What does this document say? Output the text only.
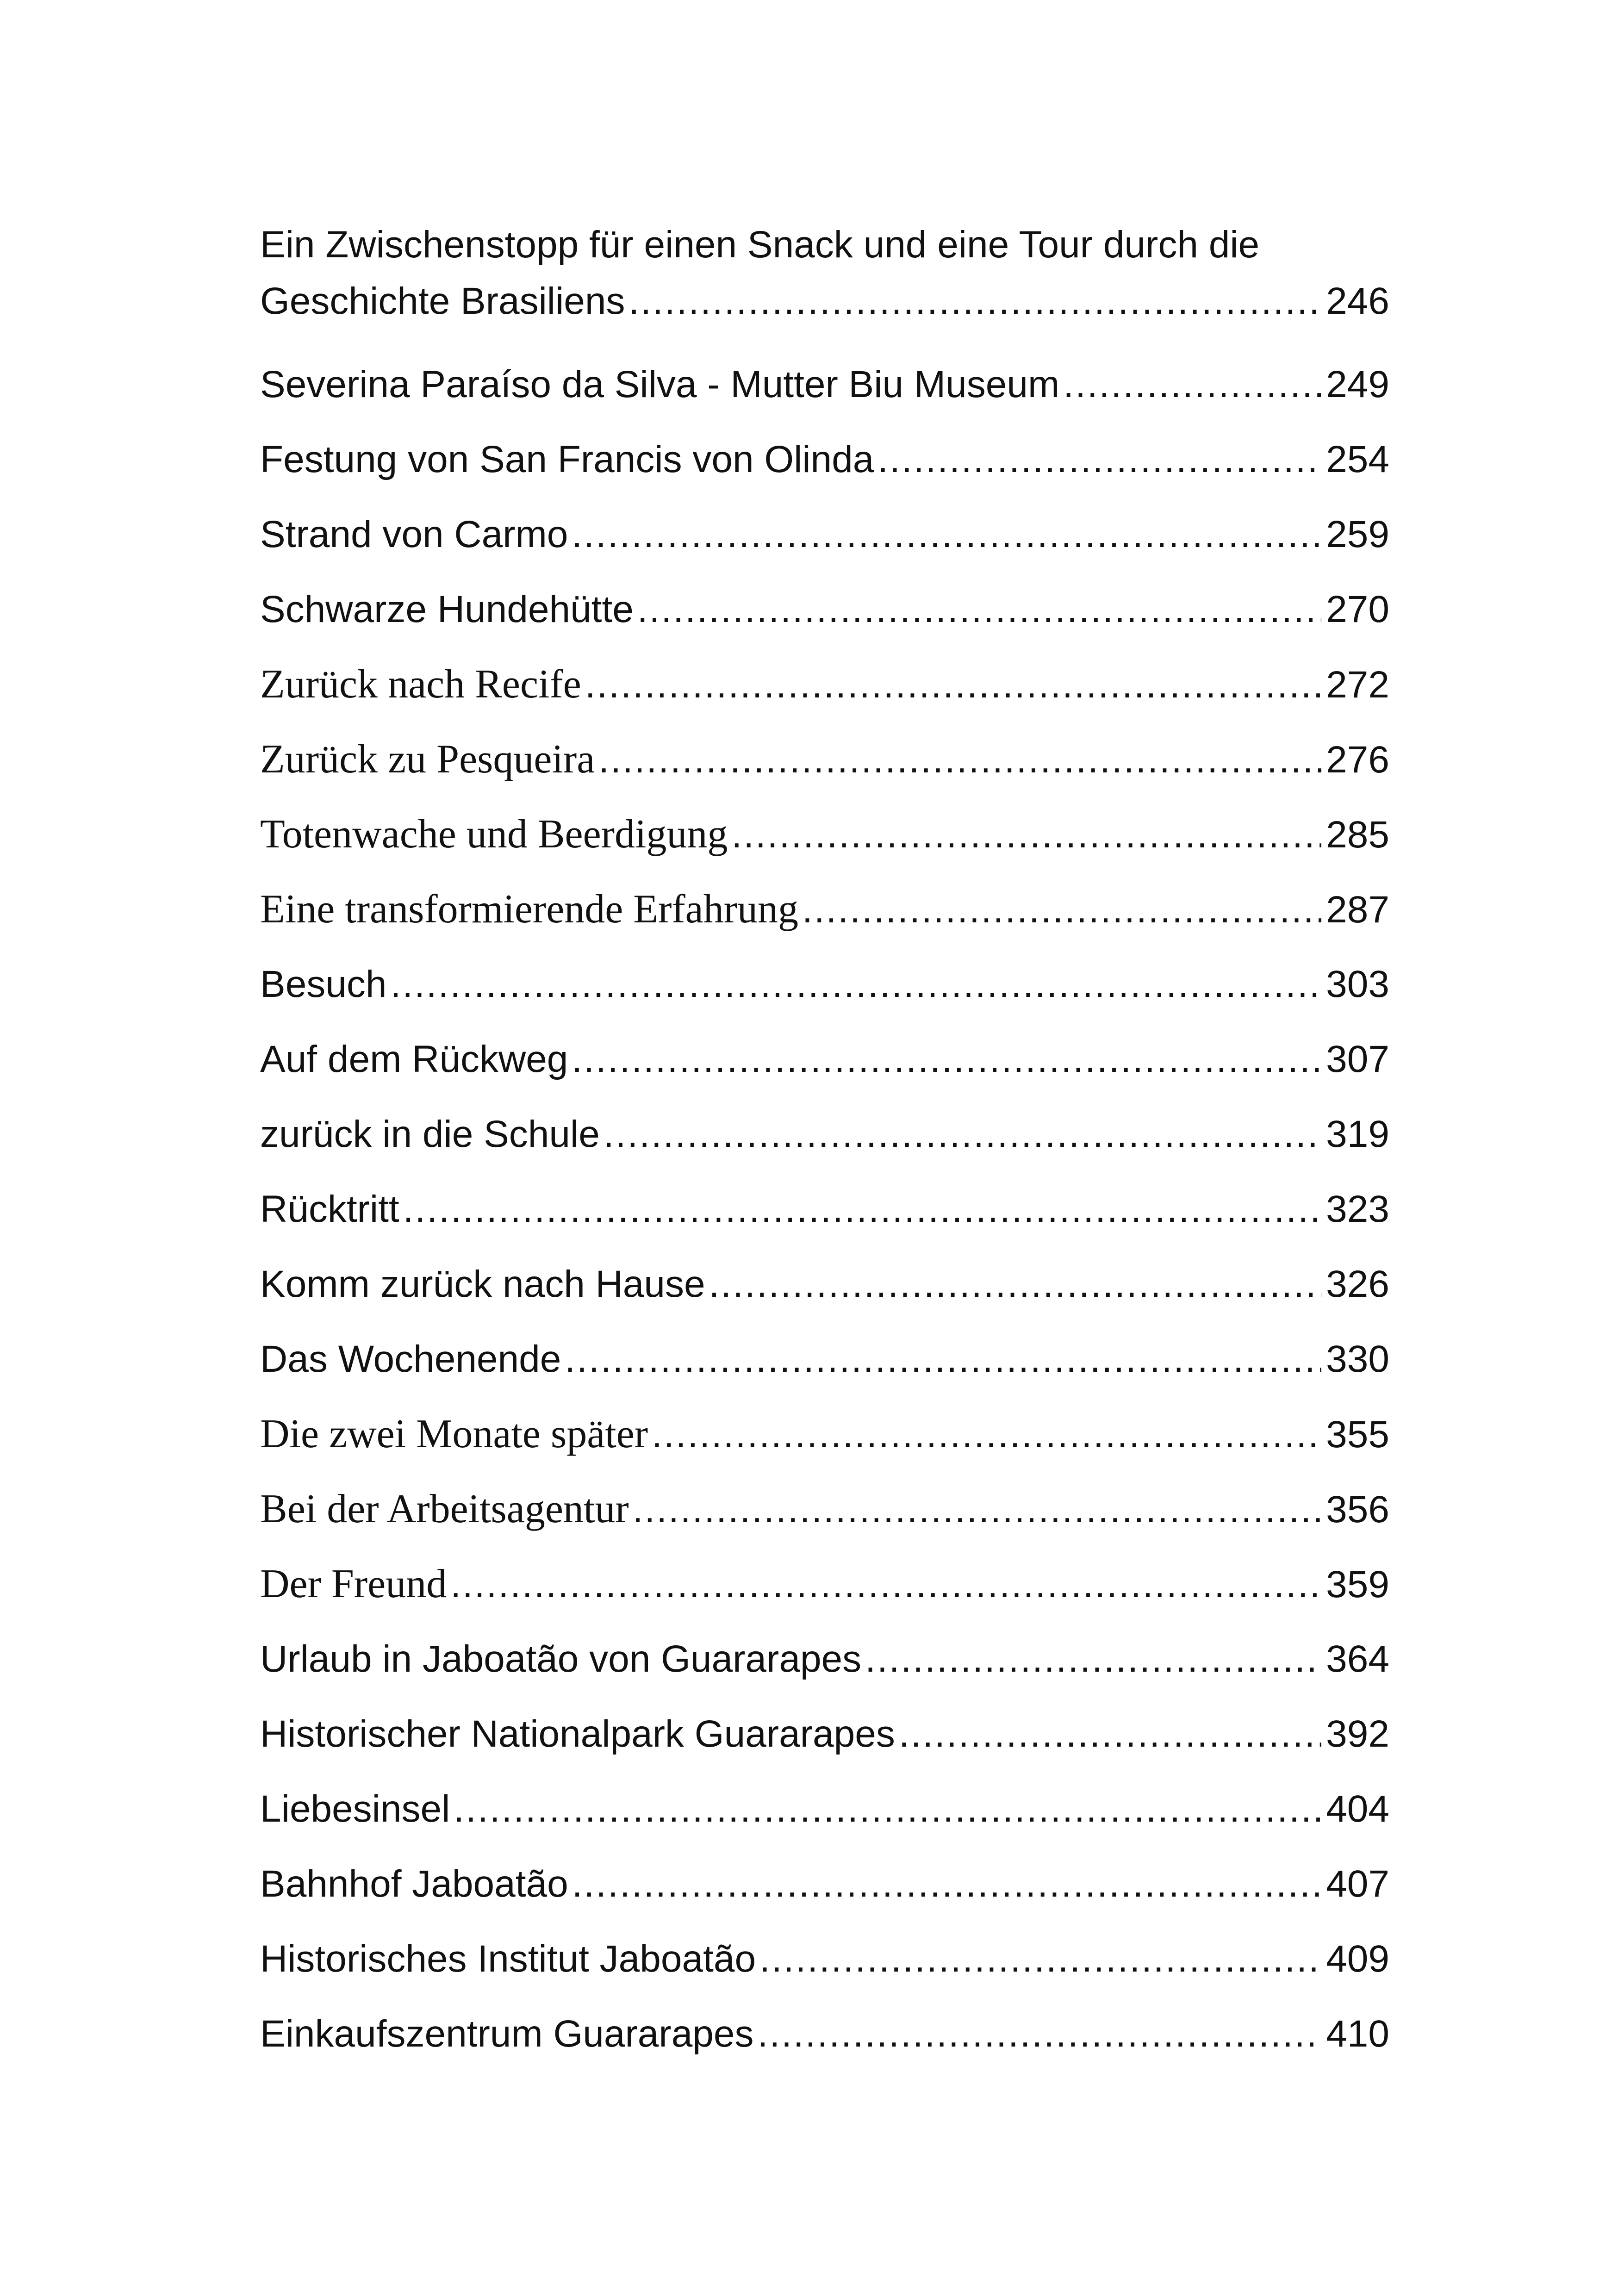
Ein Zwischenstopp für einen Snack und eine Tour durch die
Geschichte Brasiliens .....	246
Severina Paraíso da Silva - Mutter Biu Museum .....	249
Festung von San Francis von Olinda .....	254
Strand von Carmo .....	259
Schwarze Hundehütte .....	270
Zurück nach Recife .....	272
Zurück zu Pesqueira .....	276
Totenwache und Beerdigung .....	285
Eine transformierende Erfahrung .....	287
Besuch .....	303
Auf dem Rückweg .....	307
zurück in die Schule .....	319
Rücktritt .....	323
Komm zurück nach Hause .....	326
Das Wochenende .....	330
Die zwei Monate später .....	355
Bei der Arbeitsagentur .....	356
Der Freund .....	359
Urlaub in Jaboatão von Guararapes .....	364
Historischer Nationalpark Guararapes .....	392
Liebesinsel .....	404
Bahnhof Jaboatão .....	407
Historisches Institut Jaboatão .....	409
Einkaufszentrum Guararapes .....	410
